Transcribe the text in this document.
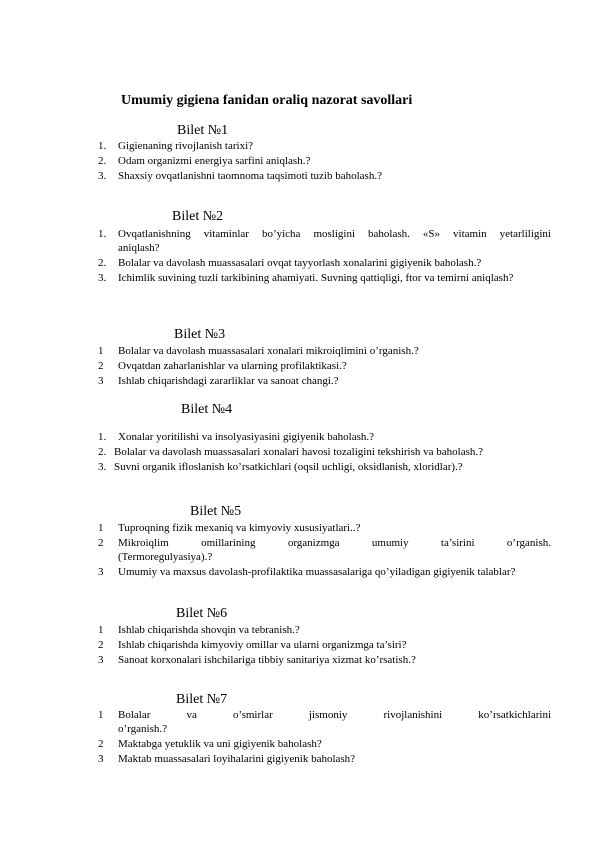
Umumiy gigiena fanidan oraliq nazorat savollari
Bilet №1
1. Gigienaning rivojlanish tarixi?
2. Odam organizmi energiya sarfini aniqlash.?
3. Shaxsiy ovqatlanishni taomnoma taqsimoti tuzib baholash.?
Bilet №2
1. Ovqatlanishning vitaminlar bo’yicha mosligini baholash. «S» vitamin yetarliligini
aniqlash?
2. Bolalar va davolash muassasalari ovqat tayyorlash xonalarini gigiyenik baholash.?
3. Ichimlik suvining tuzli tarkibining ahamiyati. Suvning qattiqligi, ftor va temirni aniqlash?
Bilet №3
1 Bolalar va davolash muassasalari xonalari mikroiqlimini o’rganish.?
2 Ovqatdan zaharlanishlar va ularning profilaktikasi.?
3 Ishlab chiqarishdagi zararliklar va sanoat changi.?
Bilet №4
1. Xonalar yoritilishi va insolyasiyasini gigiyenik baholash.?
2. Bolalar va davolash muassasalari xonalari havosi tozaligini tekshirish va baholash.?
3. Suvni organik ifloslanish ko’rsatkichlari (oqsil uchligi, oksidlanish, xloridlar).?
Bilet №5
1 Tuproqning fizik mexaniq va kimyoviy xususiyatlari..?
2 Mikroiqlim omillarining organizmga umumiy ta’sirini o’rganish.
(Termoregulyasiya).?
3 Umumiy va maxsus davolash-profilaktika muassasalariga qo’yiladigan gigiyenik talablar?
Bilet №6
1 Ishlab chiqarishda shovqin va tebranish.?
2 Ishlab chiqarishda kimyoviy omillar va ularni organizmga ta’siri?
3 Sanoat korxonalari ishchilariga tibbiy sanitariya xizmat ko’rsatish.?
Bilet №7
1 Bolalar va o’smirlar jismoniy rivojlanishini ko’rsatkichlarini
o’rganish.?
2 Maktabga yetuklik va uni gigiyenik baholash?
3 Maktab muassasalari loyihalarini gigiyenik baholash?
